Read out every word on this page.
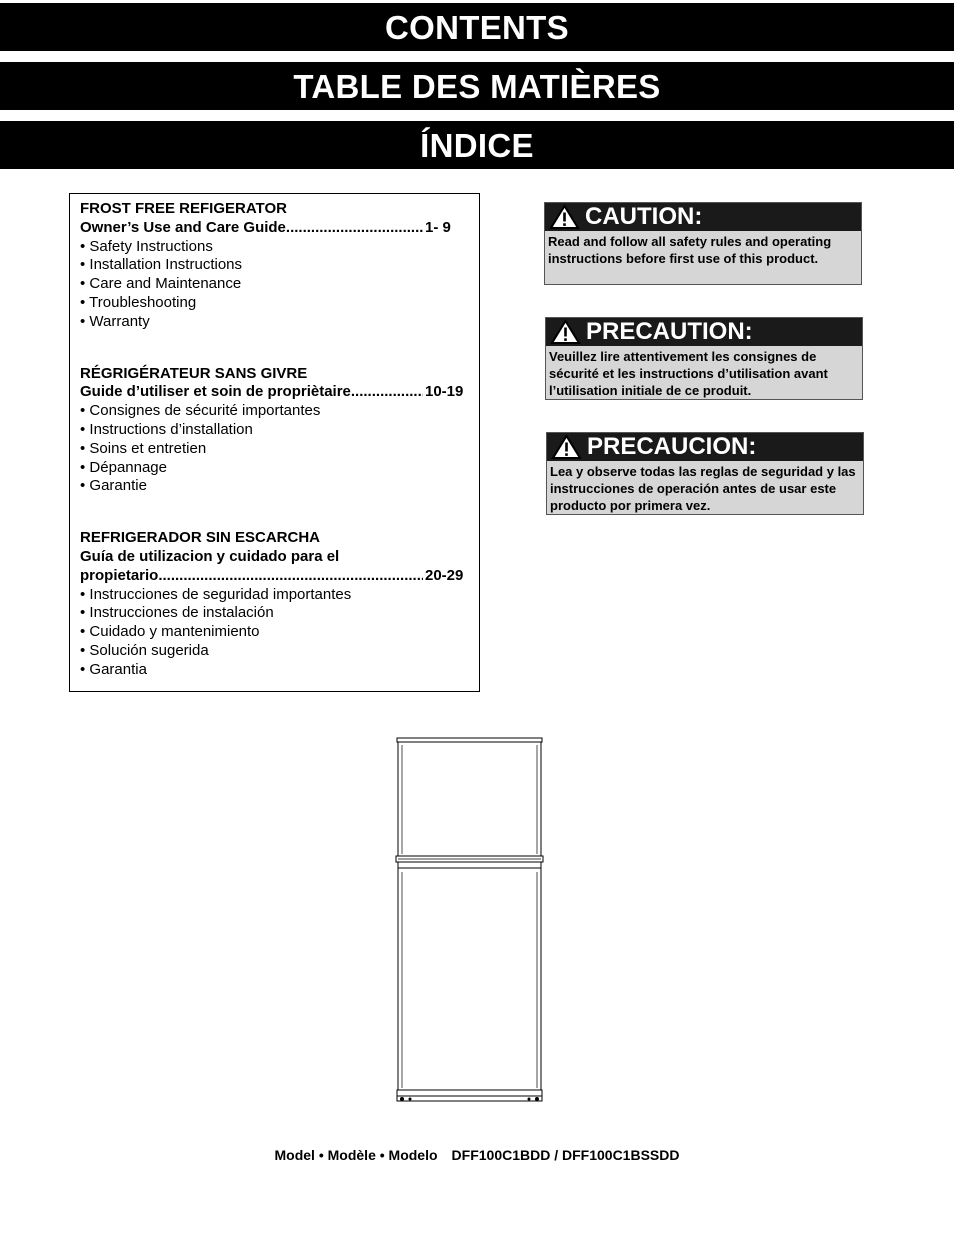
CONTENTS
TABLE DES MATIÈRES
ÍNDICE
FROST FREE REFIGERATOR
Owner’s Use and Care Guide .....	1- 9
• Safety Instructions
• Installation Instructions
• Care and Maintenance
• Troubleshooting
• Warranty
RÉGRIGÉRATEUR SANS GIVRE
Guide d’utiliser et soin de propriètaire .....	10-19
• Consignes de sécurité importantes
• Instructions d’installation
• Soins et entretien
• Dépannage
• Garantie
REFRIGERADOR SIN ESCARCHA
Guía de utilizacion y cuidado para el
propietario .....	20-29
• Instrucciones de seguridad importantes
• Instrucciones de instalación
• Cuidado y mantenimiento
• Solución sugerida
• Garantia
CAUTION:
Read and follow all safety rules and operating instructions before first use of this product.
PRECAUTION:
Veuillez lire attentivement les consignes de sécurité et les instructions d’utilisation avant l’utilisation initiale de ce produit.
PRECAUCION:
Lea y observe todas las reglas de seguridad y las instrucciones de operación antes de usar este producto por primera vez.
Model • Modèle • Modelo DFF100C1BDD / DFF100C1BSSDD
